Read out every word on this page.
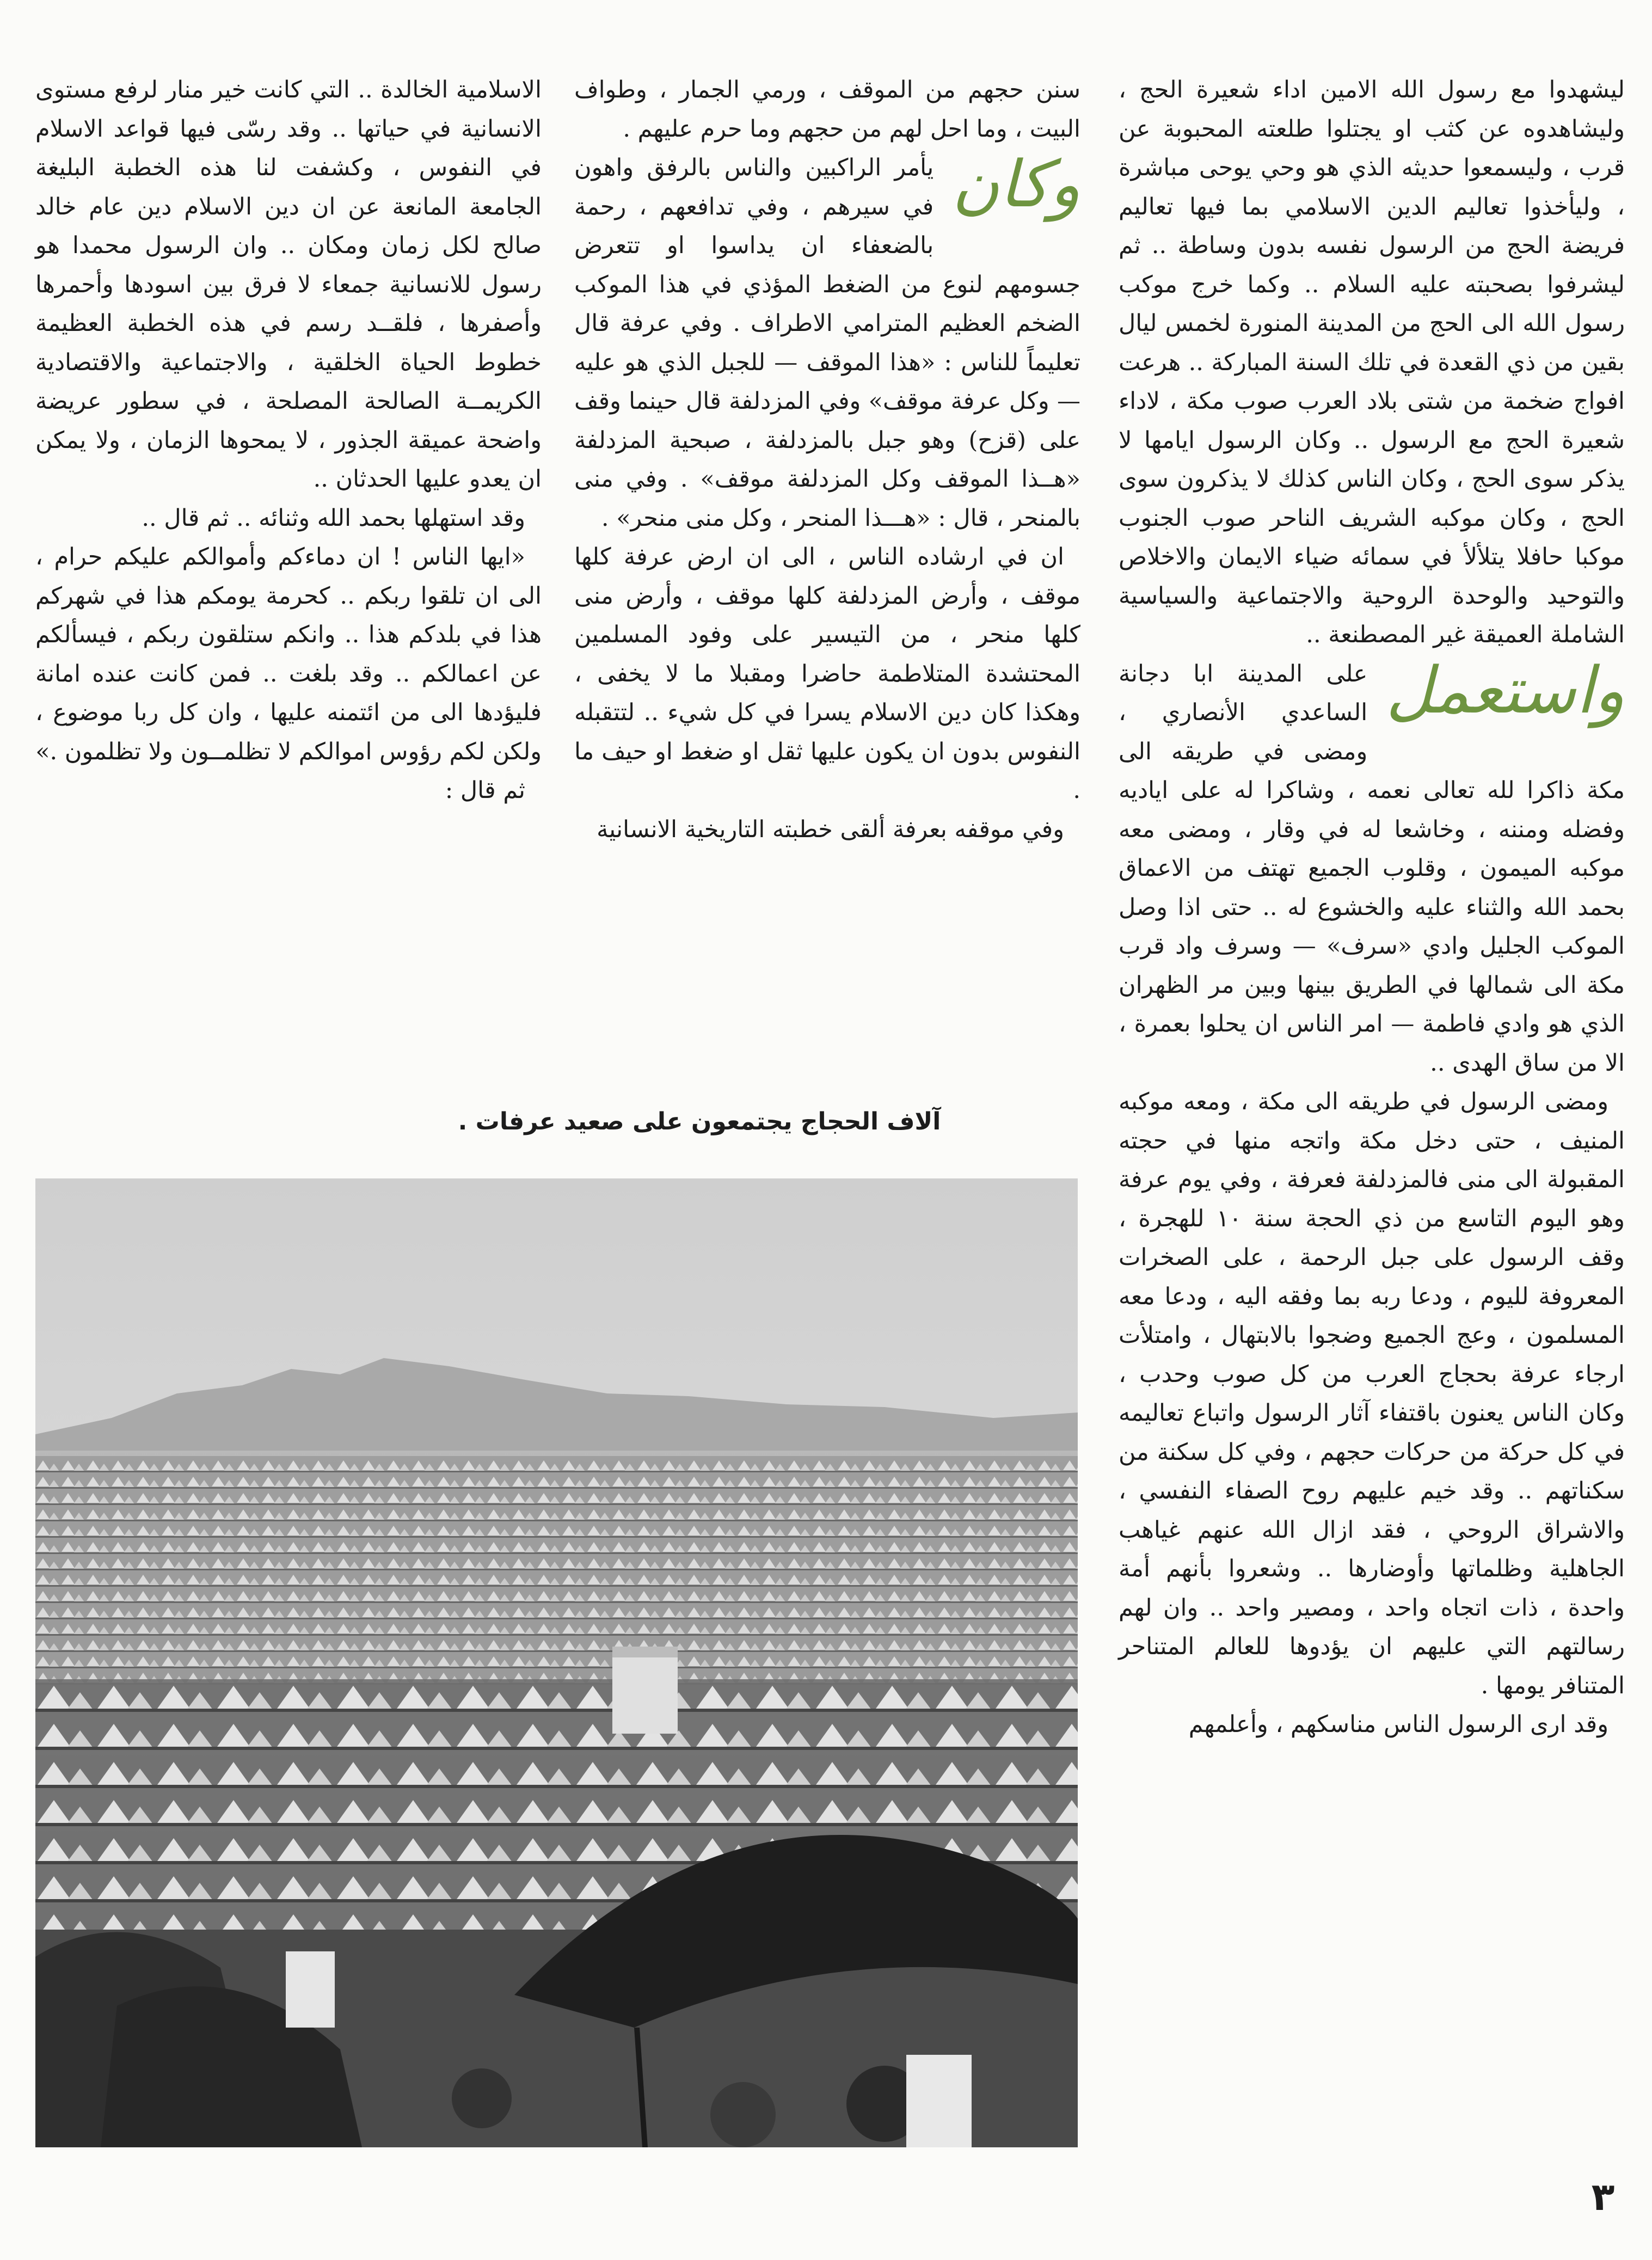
ليشهدوا مع رسول الله الامين اداء شعيرة الحج ، وليشاهدوه عن كثب او يجتلوا طلعته المحبوبة عن قرب ، وليسمعوا حديثه الذي هو وحي يوحى مباشرة ، وليأخذوا تعاليم الدين الاسلامي بما فيها تعاليم فريضة الحج من الرسول نفسه بدون وساطة .. ثم ليشرفوا بصحبته عليه السلام .. وكما خرج موكب رسول الله الى الحج من المدينة المنورة لخمس ليال بقين من ذي القعدة في تلك السنة المباركة .. هرعت افواج ضخمة من شتى بلاد العرب صوب مكة ، لاداء شعيرة الحج مع الرسول .. وكان الرسول ايامها لا يذكر سوى الحج ، وكان الناس كذلك لا يذكرون سوى الحج ، وكان موكبه الشريف الناحر صوب الجنوب موكبا حافلا يتلألأ في سمائه ضياء الايمان والاخلاص والتوحيد والوحدة الروحية والاجتماعية والسياسية الشاملة العميقة غير المصطنعة ..

واستعمل
على المدينة ابا دجانة الساعدي الأنصاري ، ومضى في طريقه الى مكة ذاكرا لله تعالى نعمه ، وشاكرا له على اياديه وفضله ومننه ، وخاشعا له في وقار ، ومضى معه موكبه الميمون ، وقلوب الجميع تهتف من الاعماق بحمد الله والثناء عليه والخشوع له .. حتى اذا وصل الموكب الجليل وادي «سرف» — وسرف واد قرب مكة الى شمالها في الطريق بينها وبين مر الظهران الذي هو وادي فاطمة — امر الناس ان يحلوا بعمرة ، الا من ساق الهدى ..

ومضى الرسول في طريقه الى مكة ، ومعه موكبه المنيف ، حتى دخل مكة واتجه منها في حجته المقبولة الى منى فالمزدلفة فعرفة ، وفي يوم عرفة وهو اليوم التاسع من ذي الحجة سنة ١٠ للهجرة ، وقف الرسول على جبل الرحمة ، على الصخرات المعروفة لليوم ، ودعا ربه بما وفقه اليه ، ودعا معه المسلمون ، وعج الجميع وضجوا بالابتهال ، وامتلأت ارجاء عرفة بحجاج العرب من كل صوب وحدب ، وكان الناس يعنون باقتفاء آثار الرسول واتباع تعاليمه في كل حركة من حركات حجهم ، وفي كل سكنة من سكناتهم .. وقد خيم عليهم روح الصفاء النفسي ، والاشراق الروحي ، فقد ازال الله عنهم غياهب الجاهلية وظلماتها وأوضارها .. وشعروا بأنهم أمة واحدة ، ذات اتجاه واحد ، ومصير واحد .. وان لهم رسالتهم التي عليهم ان يؤدوها للعالم المتناحر المتنافر يومها .

وقد ارى الرسول الناس مناسكهم ، وأعلمهم

سنن حجهم من الموقف ، ورمي الجمار ، وطواف البيت ، وما احل لهم من حجهم وما حرم عليهم .

وكان
يأمر الراكبين والناس بالرفق واهون في سيرهم ، وفي تدافعهم ، رحمة بالضعفاء ان يداسوا او تتعرض جسومهم لنوع من الضغط المؤذي في هذا الموكب الضخم العظيم المترامي الاطراف . وفي عرفة قال تعليماً للناس : «هذا الموقف — للجبل الذي هو عليه — وكل عرفة موقف» وفي المزدلفة قال حينما وقف على (قزح) وهو جبل بالمزدلفة ، صبحية المزدلفة «هــذا الموقف وكل المزدلفة موقف» . وفي منى بالمنحر ، قال : «هـــذا المنحر ، وكل منى منحر» .

ان في ارشاده الناس ، الى ان ارض عرفة كلها موقف ، وأرض المزدلفة كلها موقف ، وأرض منى كلها منحر ، من التيسير على وفود المسلمين المحتشدة المتلاطمة حاضرا ومقبلا ما لا يخفى ، وهكذا كان دين الاسلام يسرا في كل شيء .. لتتقبله النفوس بدون ان يكون عليها ثقل او ضغط او حيف ما .

وفي موقفه بعرفة ألقى خطبته التاريخية الانسانية

الاسلامية الخالدة .. التي كانت خير منار لرفع مستوى الانسانية في حياتها .. وقد رسّى فيها قواعد الاسلام في النفوس ، وكشفت لنا هذه الخطبة البليغة الجامعة المانعة عن ان دين الاسلام دين عام خالد صالح لكل زمان ومكان .. وان الرسول محمدا هو رسول للانسانية جمعاء لا فرق بين اسودها وأحمرها وأصفرها ، فلقــد رسم في هذه الخطبة العظيمة خطوط الحياة الخلقية ، والاجتماعية والاقتصادية الكريمــة الصالحة المصلحة ، في سطور عريضة واضحة عميقة الجذور ، لا يمحوها الزمان ، ولا يمكن ان يعدو عليها الحدثان ..

وقد استهلها بحمد الله وثنائه .. ثم قال ..

«ايها الناس ! ان دماءكم وأموالكم عليكم حرام ، الى ان تلقوا ربكم .. كحرمة يومكم هذا في شهركم هذا في بلدكم هذا .. وانكم ستلقون ربكم ، فيسألكم عن اعمالكم .. وقد بلغت .. فمن كانت عنده امانة فليؤدها الى من ائتمنه عليها ، وان كل ربا موضوع ، ولكن لكم رؤوس اموالكم لا تظلمــون ولا تظلمون .»

ثم قال :

آلاف الحجاج يجتمعون على صعيد عرفات .
٣
